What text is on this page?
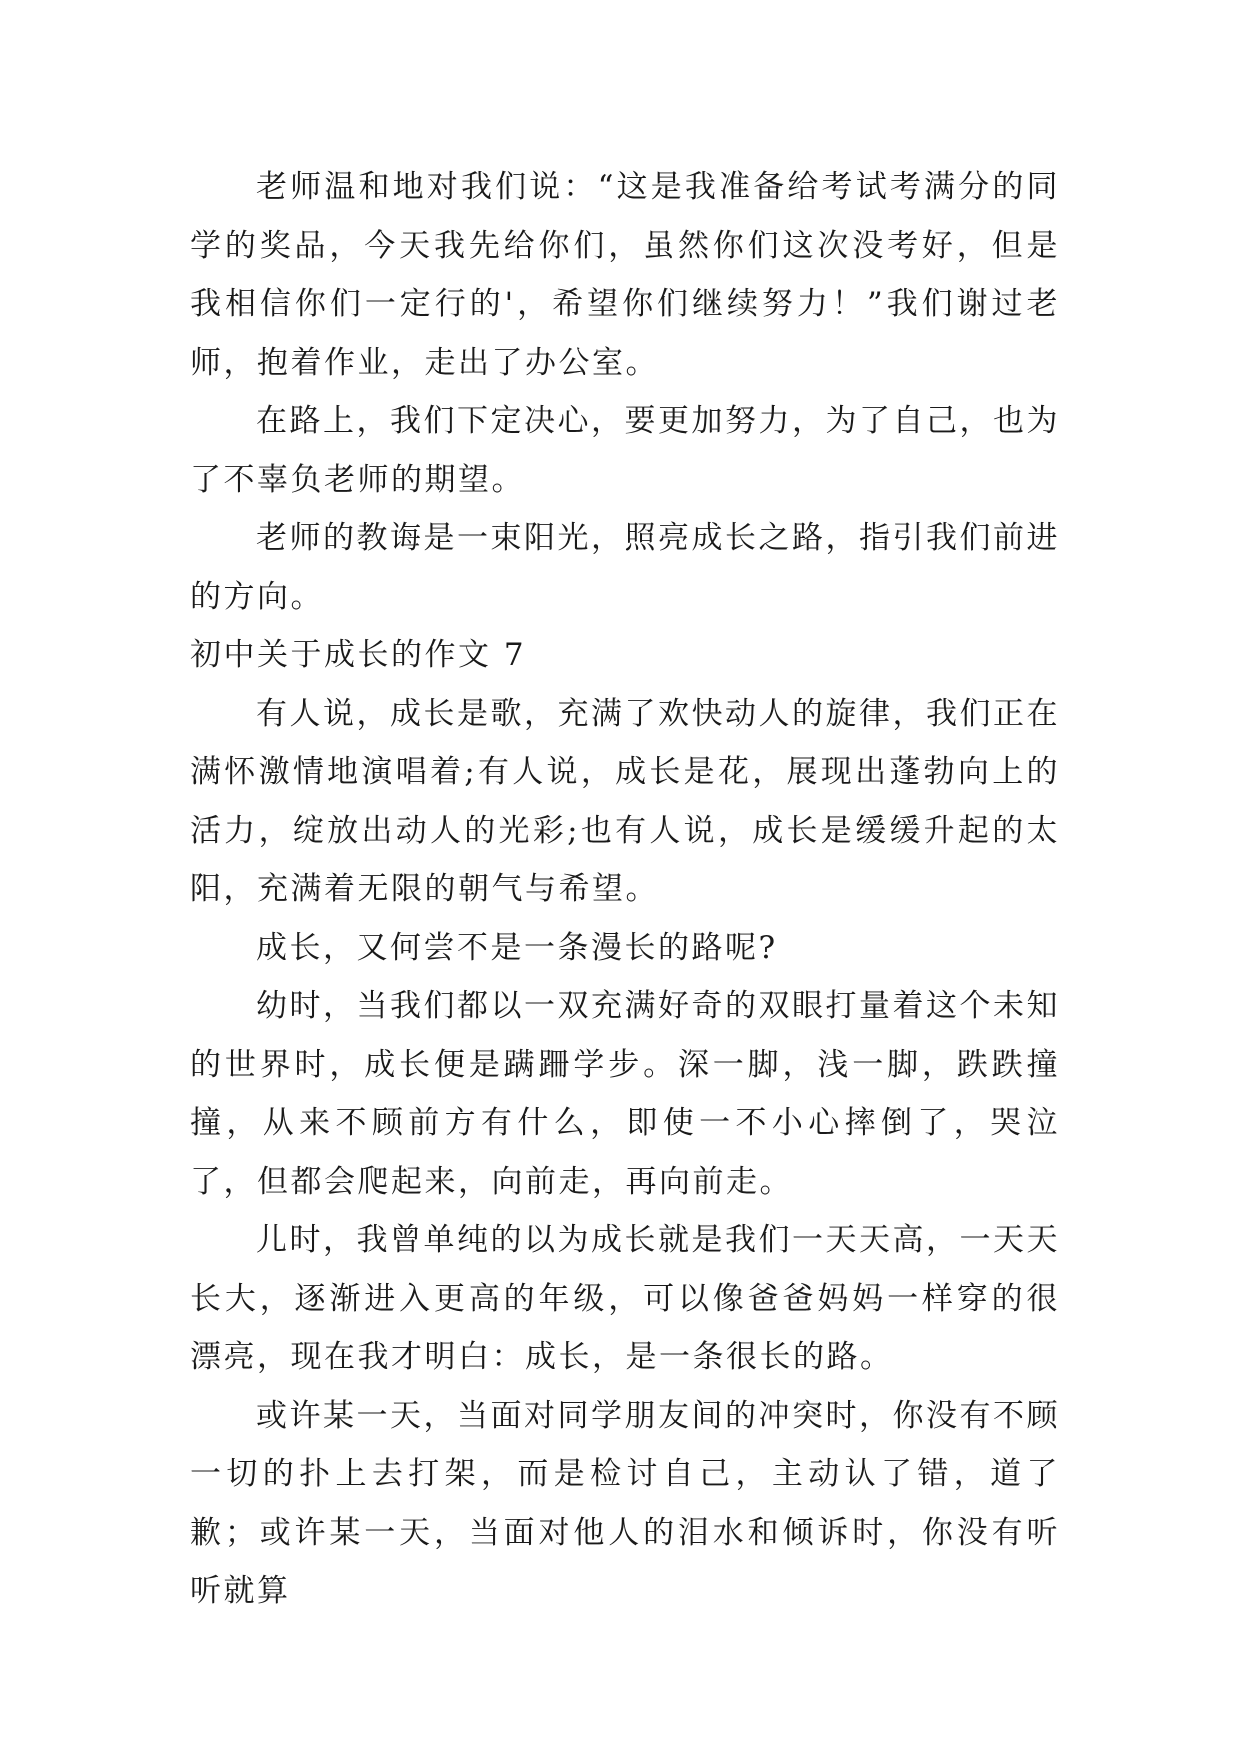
老师温和地对我们说：“这是我准备给考试考满分的同学的奖品，今天我先给你们，虽然你们这次没考好，但是我相信你们一定行的'，希望你们继续努力！”我们谢过老师，抱着作业，走出了办公室。

在路上，我们下定决心，要更加努力，为了自己，也为了不辜负老师的期望。

老师的教诲是一束阳光，照亮成长之路，指引我们前进的方向。

初中关于成长的作文 7

有人说，成长是歌，充满了欢快动人的旋律，我们正在满怀激情地演唱着;有人说，成长是花，展现出蓬勃向上的活力，绽放出动人的光彩;也有人说，成长是缓缓升起的太阳，充满着无限的朝气与希望。

成长，又何尝不是一条漫长的路呢?

幼时，当我们都以一双充满好奇的双眼打量着这个未知的世界时，成长便是蹒跚学步。深一脚，浅一脚，跌跌撞撞，从来不顾前方有什么，即使一不小心摔倒了，哭泣了，但都会爬起来，向前走，再向前走。

儿时，我曾单纯的以为成长就是我们一天天高，一天天长大，逐渐进入更高的年级，可以像爸爸妈妈一样穿的很漂亮，现在我才明白：成长，是一条很长的路。

或许某一天，当面对同学朋友间的冲突时，你没有不顾一切的扑上去打架，而是检讨自己，主动认了错，道了歉；或许某一天，当面对他人的泪水和倾诉时，你没有听听就算
